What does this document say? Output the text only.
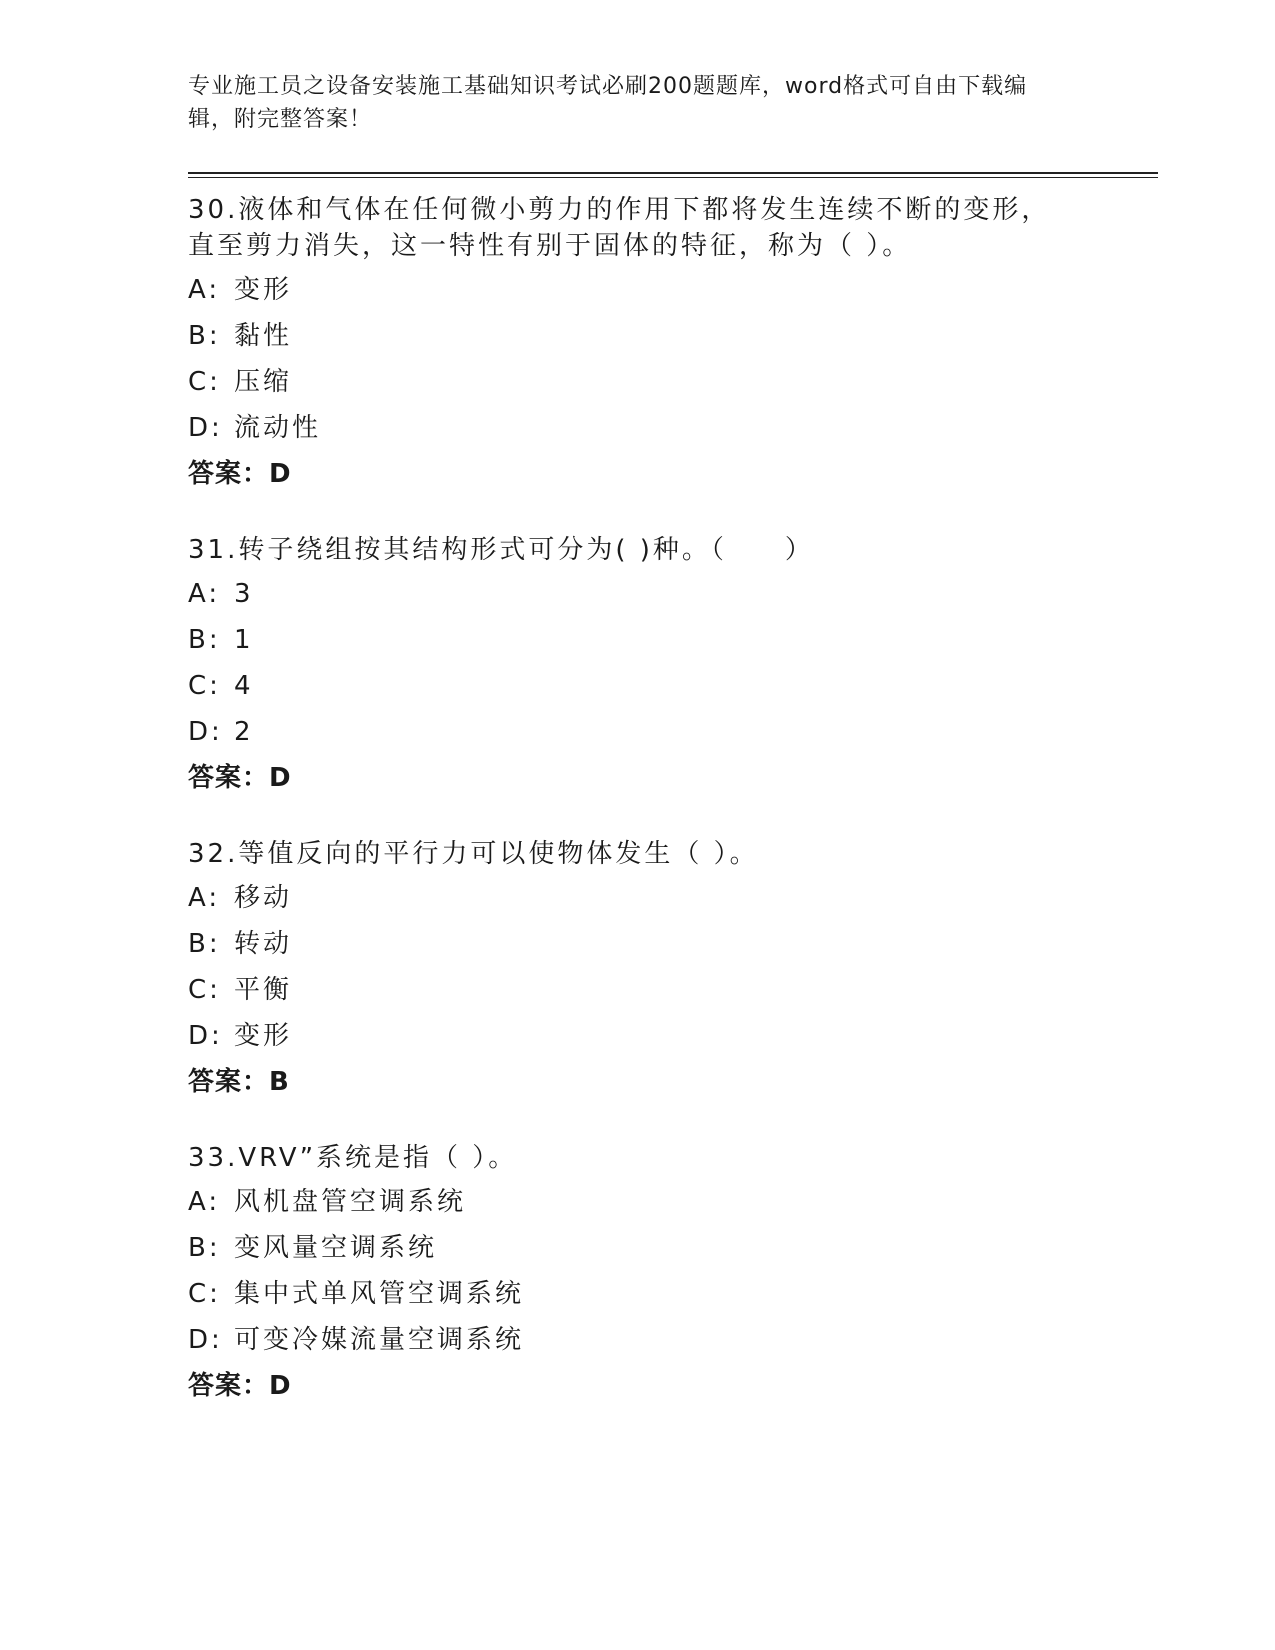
专业施工员之设备安装施工基础知识考试必刷200题题库，word格式可自由下载编辑，附完整答案！

30.液体和气体在任何微小剪力的作用下都将发生连续不断的变形，直至剪力消失，这一特性有别于固体的特征，称为（ ）。

A: 变形

B: 黏性

C: 压缩

D: 流动性

答案：D

31.转子绕组按其结构形式可分为( )种。（　　）

A: 3

B: 1

C: 4

D: 2

答案：D

32.等值反向的平行力可以使物体发生（ ）。

A: 移动

B: 转动

C: 平衡

D: 变形

答案：B

33.VRV”系统是指（ ）。

A: 风机盘管空调系统

B: 变风量空调系统

C: 集中式单风管空调系统

D: 可变冷媒流量空调系统

答案：D
